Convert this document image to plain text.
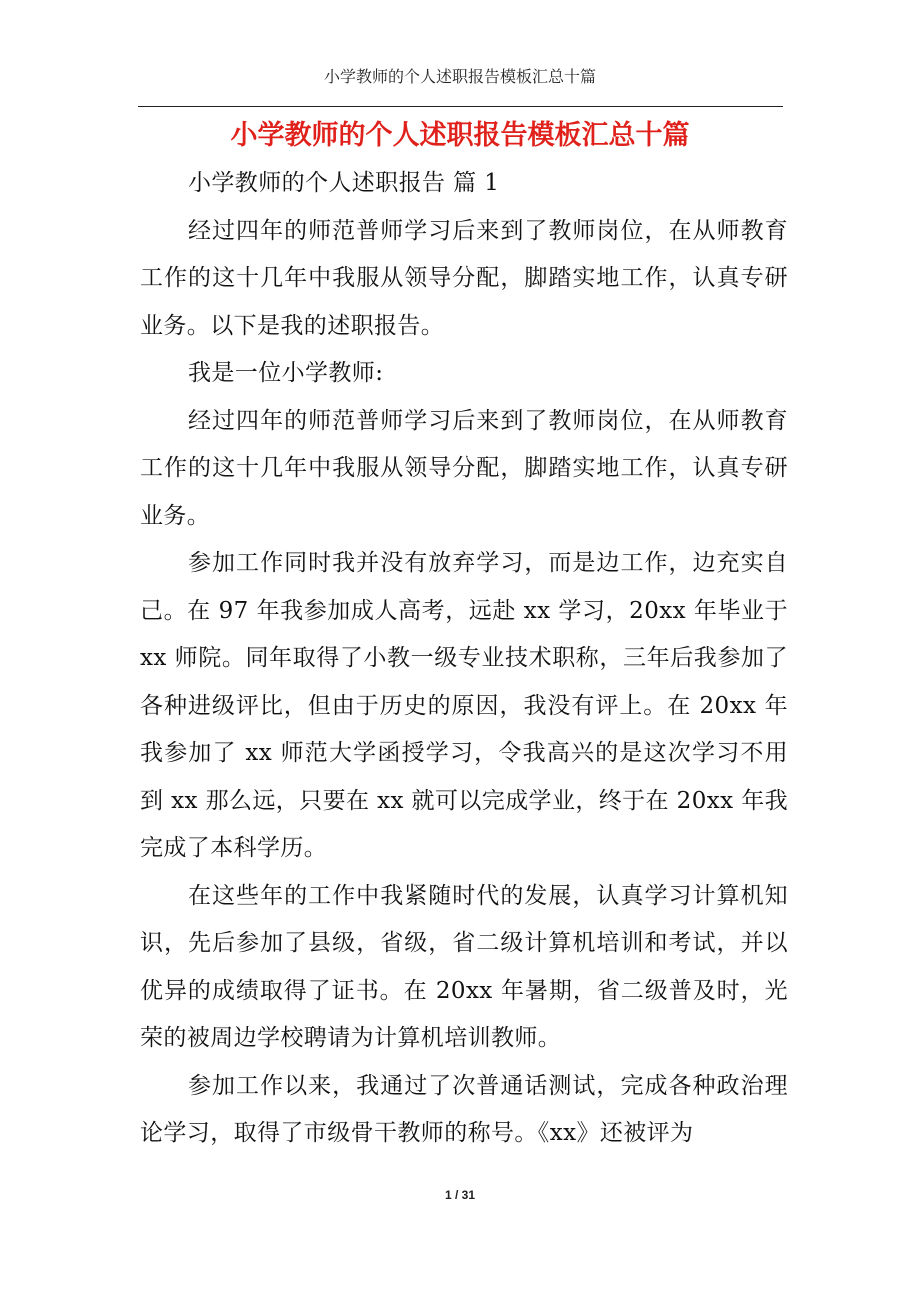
小学教师的个人述职报告模板汇总十篇
小学教师的个人述职报告模板汇总十篇

小学教师的个人述职报告 篇 1

经过四年的师范普师学习后来到了教师岗位，在从师教育工作的这十几年中我服从领导分配，脚踏实地工作，认真专研业务。以下是我的述职报告。

我是一位小学教师:

经过四年的师范普师学习后来到了教师岗位，在从师教育工作的这十几年中我服从领导分配，脚踏实地工作，认真专研业务。

参加工作同时我并没有放弃学习，而是边工作，边充实自己。在 97 年我参加成人高考，远赴 xx 学习，20xx 年毕业于 xx 师院。同年取得了小教一级专业技术职称，三年后我参加了各种进级评比，但由于历史的原因，我没有评上。在 20xx 年我参加了 xx 师范大学函授学习，令我高兴的是这次学习不用到 xx 那么远，只要在 xx 就可以完成学业，终于在 20xx 年我完成了本科学历。

在这些年的工作中我紧随时代的发展，认真学习计算机知识，先后参加了县级，省级，省二级计算机培训和考试，并以优异的成绩取得了证书。在 20xx 年暑期，省二级普及时，光荣的被周边学校聘请为计算机培训教师。

参加工作以来，我通过了次普通话测试，完成各种政治理论学习，取得了市级骨干教师的称号。《xx》还被评为

1 / 31
